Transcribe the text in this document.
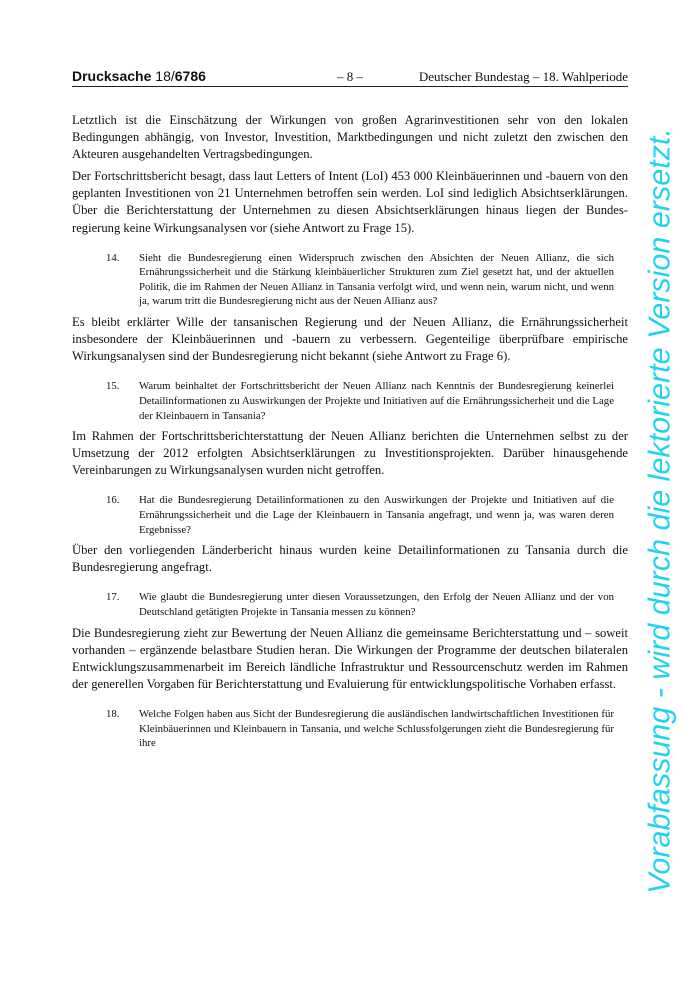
Drucksache 18/6786	– 8 –	Deutscher Bundestag – 18. Wahlperiode

Letztlich ist die Einschätzung der Wirkungen von großen Agrarinvestitionen sehr von den lokalen Bedingungen abhängig, von Investor, Investition, Marktbedingungen und nicht zuletzt den zwischen den Akteuren ausgehandelten Vertragsbedingungen.

Der Fortschrittsbericht besagt, dass laut Letters of Intent (LoI) 453 000 Kleinbäuerinnen und -bauern von den geplanten Investitionen von 21 Unternehmen betroffen sein werden. LoI sind lediglich Absichtserklärungen. Über die Berichterstattung der Unternehmen zu diesen Absichtserklärungen hinaus liegen der Bundesregierung keine Wirkungsanalysen vor (siehe Antwort zu Frage 15).

14.	Sieht die Bundesregierung einen Widerspruch zwischen den Absichten der Neuen Allianz, die sich Ernährungssicherheit und die Stärkung kleinbäuerlicher Strukturen zum Ziel gesetzt hat, und der aktuellen Politik, die im Rahmen der Neuen Allianz in Tansania verfolgt wird, und wenn nein, warum nicht, und wenn ja, warum tritt die Bundesregierung nicht aus der Neuen Allianz aus?

Es bleibt erklärter Wille der tansanischen Regierung und der Neuen Allianz, die Ernährungssicherheit insbesondere der Kleinbäuerinnen und -bauern zu verbessern. Gegenteilige überprüfbare empirische Wirkungsanalysen sind der Bundesregierung nicht bekannt (siehe Antwort zu Frage 6).

15.	Warum beinhaltet der Fortschrittsbericht der Neuen Allianz nach Kenntnis der Bundesregierung keinerlei Detailinformationen zu Auswirkungen der Projekte und Initiativen auf die Ernährungssicherheit und die Lage der Kleinbauern in Tansania?

Im Rahmen der Fortschrittsberichterstattung der Neuen Allianz berichten die Unternehmen selbst zu der Umsetzung der 2012 erfolgten Absichtserklärungen zu Investitionsprojekten. Darüber hinausgehende Vereinbarungen zu Wirkungsanalysen wurden nicht getroffen.

16.	Hat die Bundesregierung Detailinformationen zu den Auswirkungen der Projekte und Initiativen auf die Ernährungssicherheit und die Lage der Kleinbauern in Tansania angefragt, und wenn ja, was waren deren Ergebnisse?

Über den vorliegenden Länderbericht hinaus wurden keine Detailinformationen zu Tansania durch die Bundesregierung angefragt.

17.	Wie glaubt die Bundesregierung unter diesen Voraussetzungen, den Erfolg der Neuen Allianz und der von Deutschland getätigten Projekte in Tansania messen zu können?

Die Bundesregierung zieht zur Bewertung der Neuen Allianz die gemeinsame Berichterstattung und – soweit vorhanden – ergänzende belastbare Studien heran. Die Wirkungen der Programme der deutschen bilateralen Entwicklungszusammenarbeit im Bereich ländliche Infrastruktur und Ressourcenschutz werden im Rahmen der generellen Vorgaben für Berichterstattung und Evaluierung für entwicklungspolitische Vorhaben erfasst.

18.	Welche Folgen haben aus Sicht der Bundesregierung die ausländischen landwirtschaftlichen Investitionen für Kleinbäuerinnen und Kleinbauern in Tansania, und welche Schlussfolgerungen zieht die Bundesregierung für ihre	Vorabfassung - wird durch die lektorierte Version ersetzt.
